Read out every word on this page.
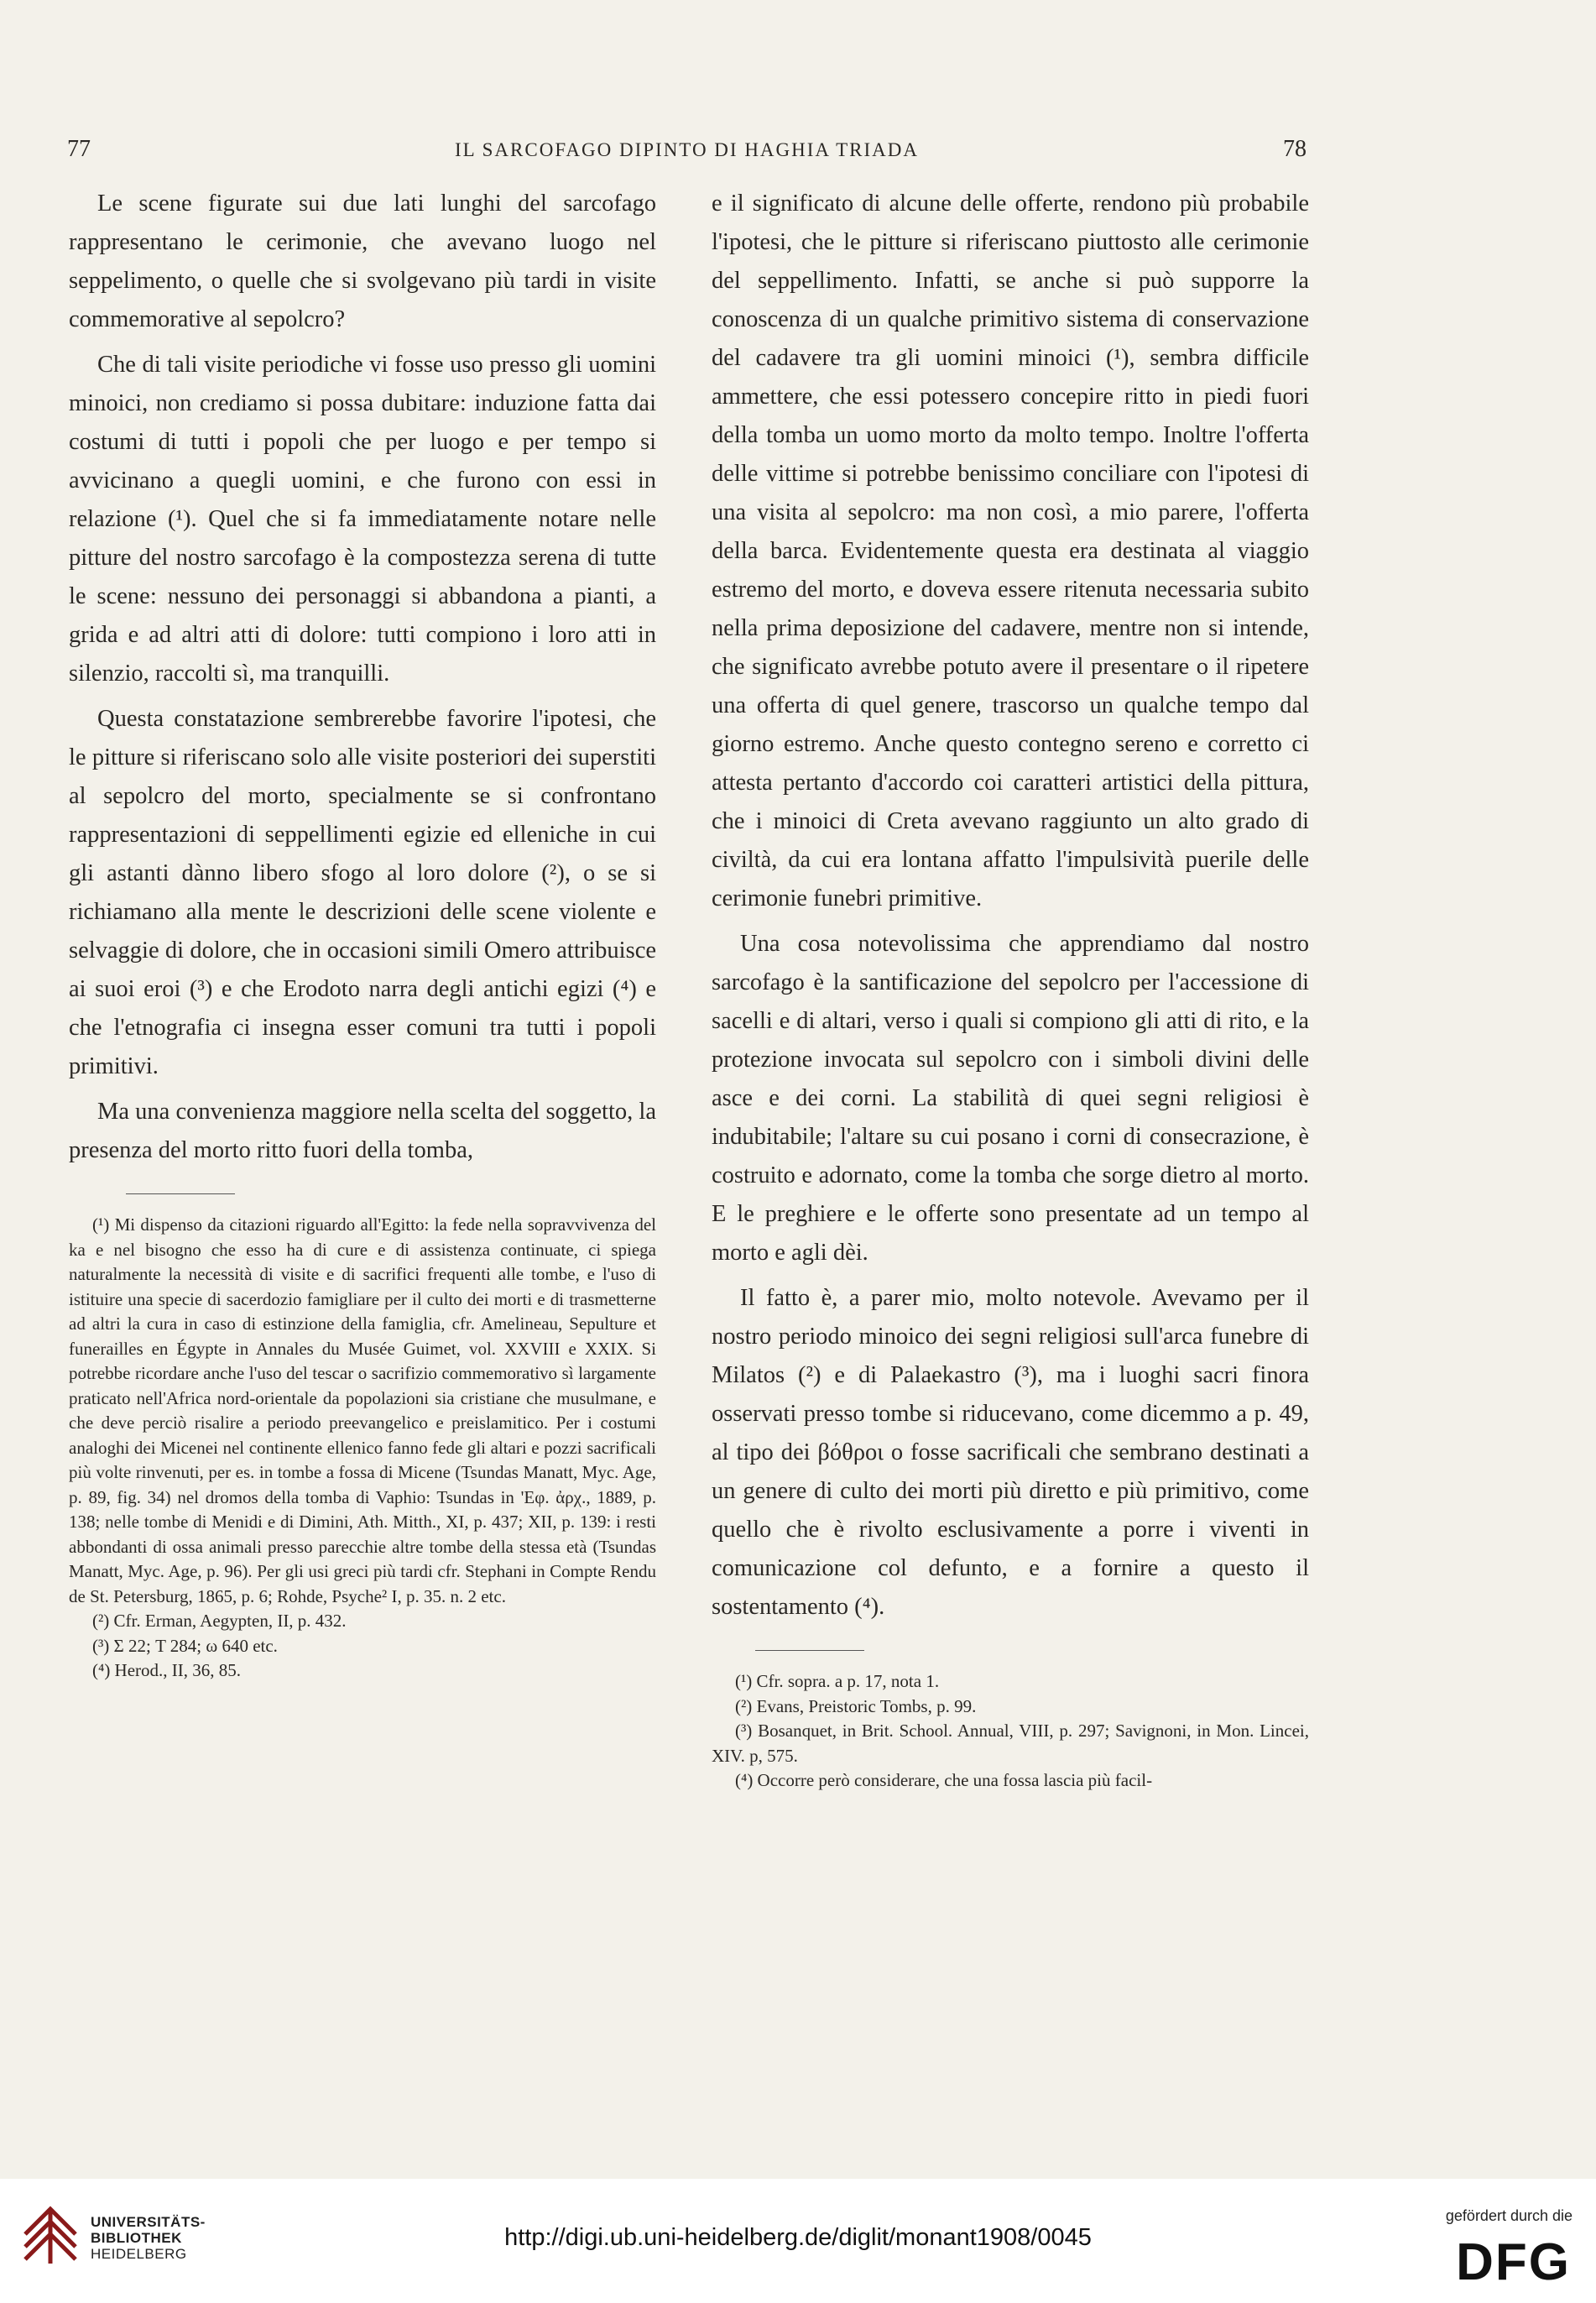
77	IL SARCOFAGO DIPINTO DI HAGHIA TRIADA	78

Le scene figurate sui due lati lunghi del sarcofago rappresentano le cerimonie, che avevano luogo nel seppelimento, o quelle che si svolgevano più tardi in visite commemorative al sepolcro?

Che di tali visite periodiche vi fosse uso presso gli uomini minoici, non crediamo si possa dubitare: induzione fatta dai costumi di tutti i popoli che per luogo e per tempo si avvicinano a quegli uomini, e che furono con essi in relazione (¹). Quel che si fa immediatamente notare nelle pitture del nostro sarcofago è la compostezza serena di tutte le scene: nessuno dei personaggi si abbandona a pianti, a grida e ad altri atti di dolore: tutti compiono i loro atti in silenzio, raccolti sì, ma tranquilli.

Questa constatazione sembrerebbe favorire l'ipotesi, che le pitture si riferiscano solo alle visite posteriori dei superstiti al sepolcro del morto, specialmente se si confrontano rappresentazioni di seppellimenti egizie ed elleniche in cui gli astanti dànno libero sfogo al loro dolore (²), o se si richiamano alla mente le descrizioni delle scene violente e selvaggie di dolore, che in occasioni simili Omero attribuisce ai suoi eroi (³) e che Erodoto narra degli antichi egizi (⁴) e che l'etnografia ci insegna esser comuni tra tutti i popoli primitivi.

Ma una convenienza maggiore nella scelta del soggetto, la presenza del morto ritto fuori della tomba,

(¹) Mi dispenso da citazioni riguardo all'Egitto: la fede nella sopravvivenza del ka e nel bisogno che esso ha di cure e di assistenza continuate, ci spiega naturalmente la necessità di visite e di sacrifici frequenti alle tombe, e l'uso di istituire una specie di sacerdozio famigliare per il culto dei morti e di trasmetterne ad altri la cura in caso di estinzione della famiglia, cfr. Amelineau, Sepulture et funerailles en Égypte in Annales du Musée Guimet, vol. XXVIII e XXIX. Si potrebbe ricordare anche l'uso del tescar o sacrifizio commemorativo sì largamente praticato nell'Africa nord-orientale da popolazioni sia cristiane che musulmane, e che deve perciò risalire a periodo preevangelico e preislamitico. Per i costumi analoghi dei Micenei nel continente ellenico fanno fede gli altari e pozzi sacrificali più volte rinvenuti, per es. in tombe a fossa di Micene (Tsundas Manatt, Myc. Age, p. 89, fig. 34) nel dromos della tomba di Vaphio: Tsundas in 'Εφ. ἀρχ., 1889, p. 138; nelle tombe di Menidi e di Dimini, Ath. Mitth., XI, p. 437; XII, p. 139: i resti abbondanti di ossa animali presso parecchie altre tombe della stessa età (Tsundas Manatt, Myc. Age, p. 96). Per gli usi greci più tardi cfr. Stephani in Compte Rendu de St. Petersburg, 1865, p. 6; Rohde, Psyche² I, p. 35. n. 2 etc.

(²) Cfr. Erman, Aegypten, II, p. 432.

(³) Σ 22; T 284; ω 640 etc.

(⁴) Herod., II, 36, 85.

e il significato di alcune delle offerte, rendono più probabile l'ipotesi, che le pitture si riferiscano piuttosto alle cerimonie del seppellimento. Infatti, se anche si può supporre la conoscenza di un qualche primitivo sistema di conservazione del cadavere tra gli uomini minoici (¹), sembra difficile ammettere, che essi potessero concepire ritto in piedi fuori della tomba un uomo morto da molto tempo. Inoltre l'offerta delle vittime si potrebbe benissimo conciliare con l'ipotesi di una visita al sepolcro: ma non così, a mio parere, l'offerta della barca. Evidentemente questa era destinata al viaggio estremo del morto, e doveva essere ritenuta necessaria subito nella prima deposizione del cadavere, mentre non si intende, che significato avrebbe potuto avere il presentare o il ripetere una offerta di quel genere, trascorso un qualche tempo dal giorno estremo. Anche questo contegno sereno e corretto ci attesta pertanto d'accordo coi caratteri artistici della pittura, che i minoici di Creta avevano raggiunto un alto grado di civiltà, da cui era lontana affatto l'impulsività puerile delle cerimonie funebri primitive.

Una cosa notevolissima che apprendiamo dal nostro sarcofago è la santificazione del sepolcro per l'accessione di sacelli e di altari, verso i quali si compiono gli atti di rito, e la protezione invocata sul sepolcro con i simboli divini delle asce e dei corni. La stabilità di quei segni religiosi è indubitabile; l'altare su cui posano i corni di consecrazione, è costruito e adornato, come la tomba che sorge dietro al morto. E le preghiere e le offerte sono presentate ad un tempo al morto e agli dèi.

Il fatto è, a parer mio, molto notevole. Avevamo per il nostro periodo minoico dei segni religiosi sull'arca funebre di Milatos (²) e di Palaekastro (³), ma i luoghi sacri finora osservati presso tombe si riducevano, come dicemmo a p. 49, al tipo dei βόθροι o fosse sacrificali che sembrano destinati a un genere di culto dei morti più diretto e più primitivo, come quello che è rivolto esclusivamente a porre i viventi in comunicazione col defunto, e a fornire a questo il sostentamento (⁴).

(¹) Cfr. sopra. a p. 17, nota 1.

(²) Evans, Preistoric Tombs, p. 99.

(³) Bosanquet, in Brit. School. Annual, VIII, p. 297; Savignoni, in Mon. Lincei, XIV. p, 575.

(⁴) Occorre però considerare, che una fossa lascia più facil-

UNIVERSITÄTS-
BIBLIOTHEK
HEIDELBERG
http://digi.ub.uni-heidelberg.de/diglit/monant1908/0045
gefördert durch die
DFG
